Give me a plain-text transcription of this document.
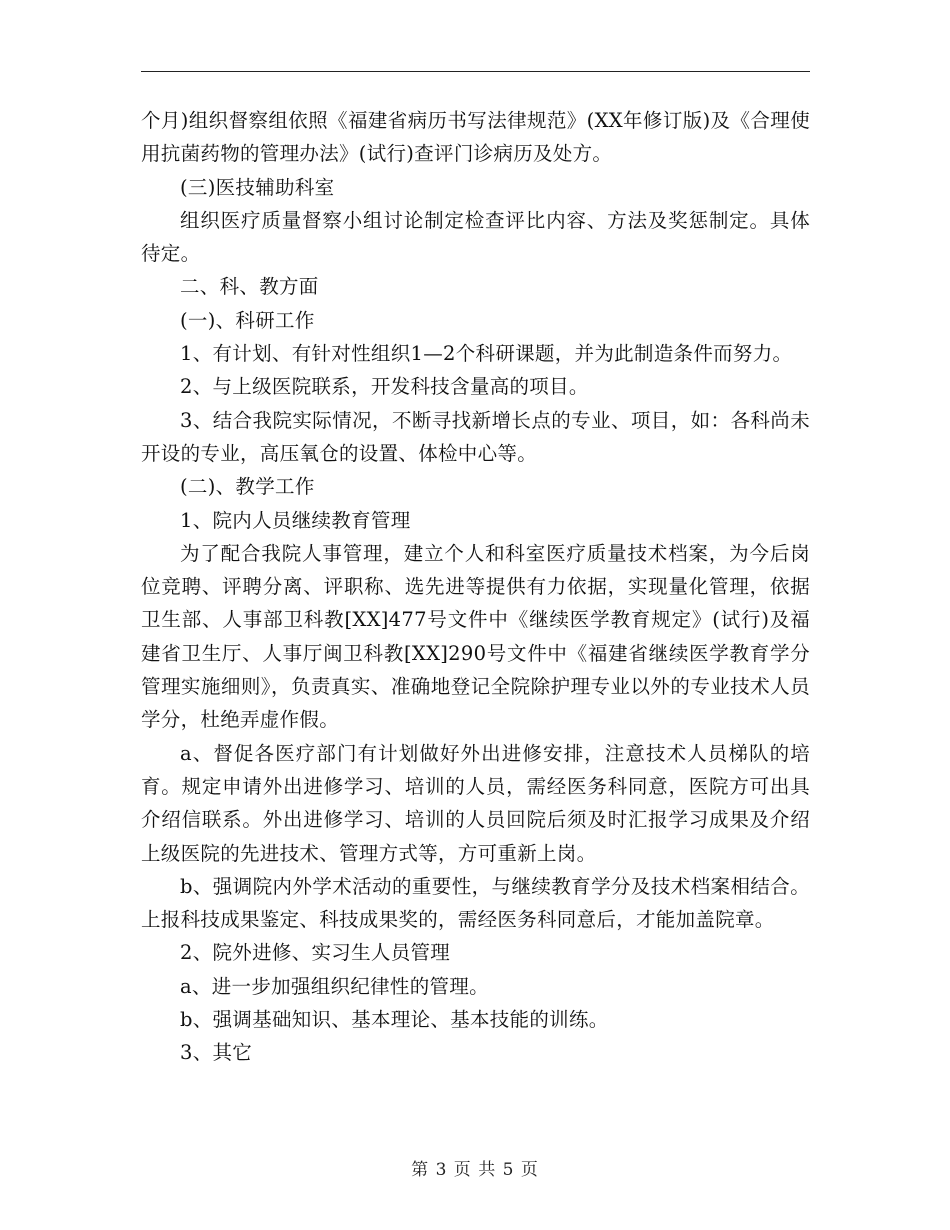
个月)组织督察组依照《福建省病历书写法律规范》(XX年修订版)及《合理使用抗菌药物的管理办法》(试行)查评门诊病历及处方。

(三)医技辅助科室

组织医疗质量督察小组讨论制定检查评比内容、方法及奖惩制定。具体待定。

二、科、教方面

(一)、科研工作

1、有计划、有针对性组织1—2个科研课题，并为此制造条件而努力。

2、与上级医院联系，开发科技含量高的项目。

3、结合我院实际情况，不断寻找新增长点的专业、项目，如：各科尚未开设的专业，高压氧仓的设置、体检中心等。

(二)、教学工作

1、院内人员继续教育管理

为了配合我院人事管理，建立个人和科室医疗质量技术档案，为今后岗位竞聘、评聘分离、评职称、选先进等提供有力依据，实现量化管理，依据卫生部、人事部卫科教[XX]477号文件中《继续医学教育规定》(试行)及福建省卫生厅、人事厅闽卫科教[XX]290号文件中《福建省继续医学教育学分管理实施细则》，负责真实、准确地登记全院除护理专业以外的专业技术人员学分，杜绝弄虚作假。

a、督促各医疗部门有计划做好外出进修安排，注意技术人员梯队的培育。规定申请外出进修学习、培训的人员，需经医务科同意，医院方可出具介绍信联系。外出进修学习、培训的人员回院后须及时汇报学习成果及介绍上级医院的先进技术、管理方式等，方可重新上岗。

b、强调院内外学术活动的重要性，与继续教育学分及技术档案相结合。上报科技成果鉴定、科技成果奖的，需经医务科同意后，才能加盖院章。

2、院外进修、实习生人员管理

a、进一步加强组织纪律性的管理。

b、强调基础知识、基本理论、基本技能的训练。

3、其它

第 3 页 共 5 页
